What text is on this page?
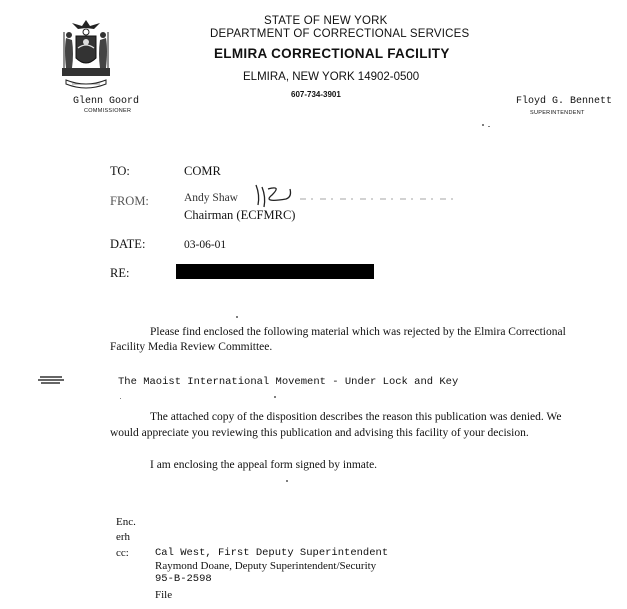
STATE OF NEW YORK
DEPARTMENT OF CORRECTIONAL SERVICES
ELMIRA CORRECTIONAL FACILITY
ELMIRA, NEW YORK 14902-0500
607-734-3901
Glenn Goord
COMMISSIONER
Floyd G. Bennett
SUPERINTENDENT
TO:	COMR
FROM:	Andy Shaw
Chairman (ECFMRC)
DATE:	03-06-01
RE:
Please find enclosed the following material which was rejected by the Elmira Correctional
Facility Media Review Committee.
The Maoist International Movement - Under Lock and Key
The attached copy of the disposition describes the reason this publication was denied. We
would appreciate you reviewing this publication and advising this facility of your decision.
I am enclosing the appeal form signed by inmate.
Enc.
erh
cc: Cal West, First Deputy Superintendent
Raymond Doane, Deputy Superintendent/Security
95-B-2598
File
